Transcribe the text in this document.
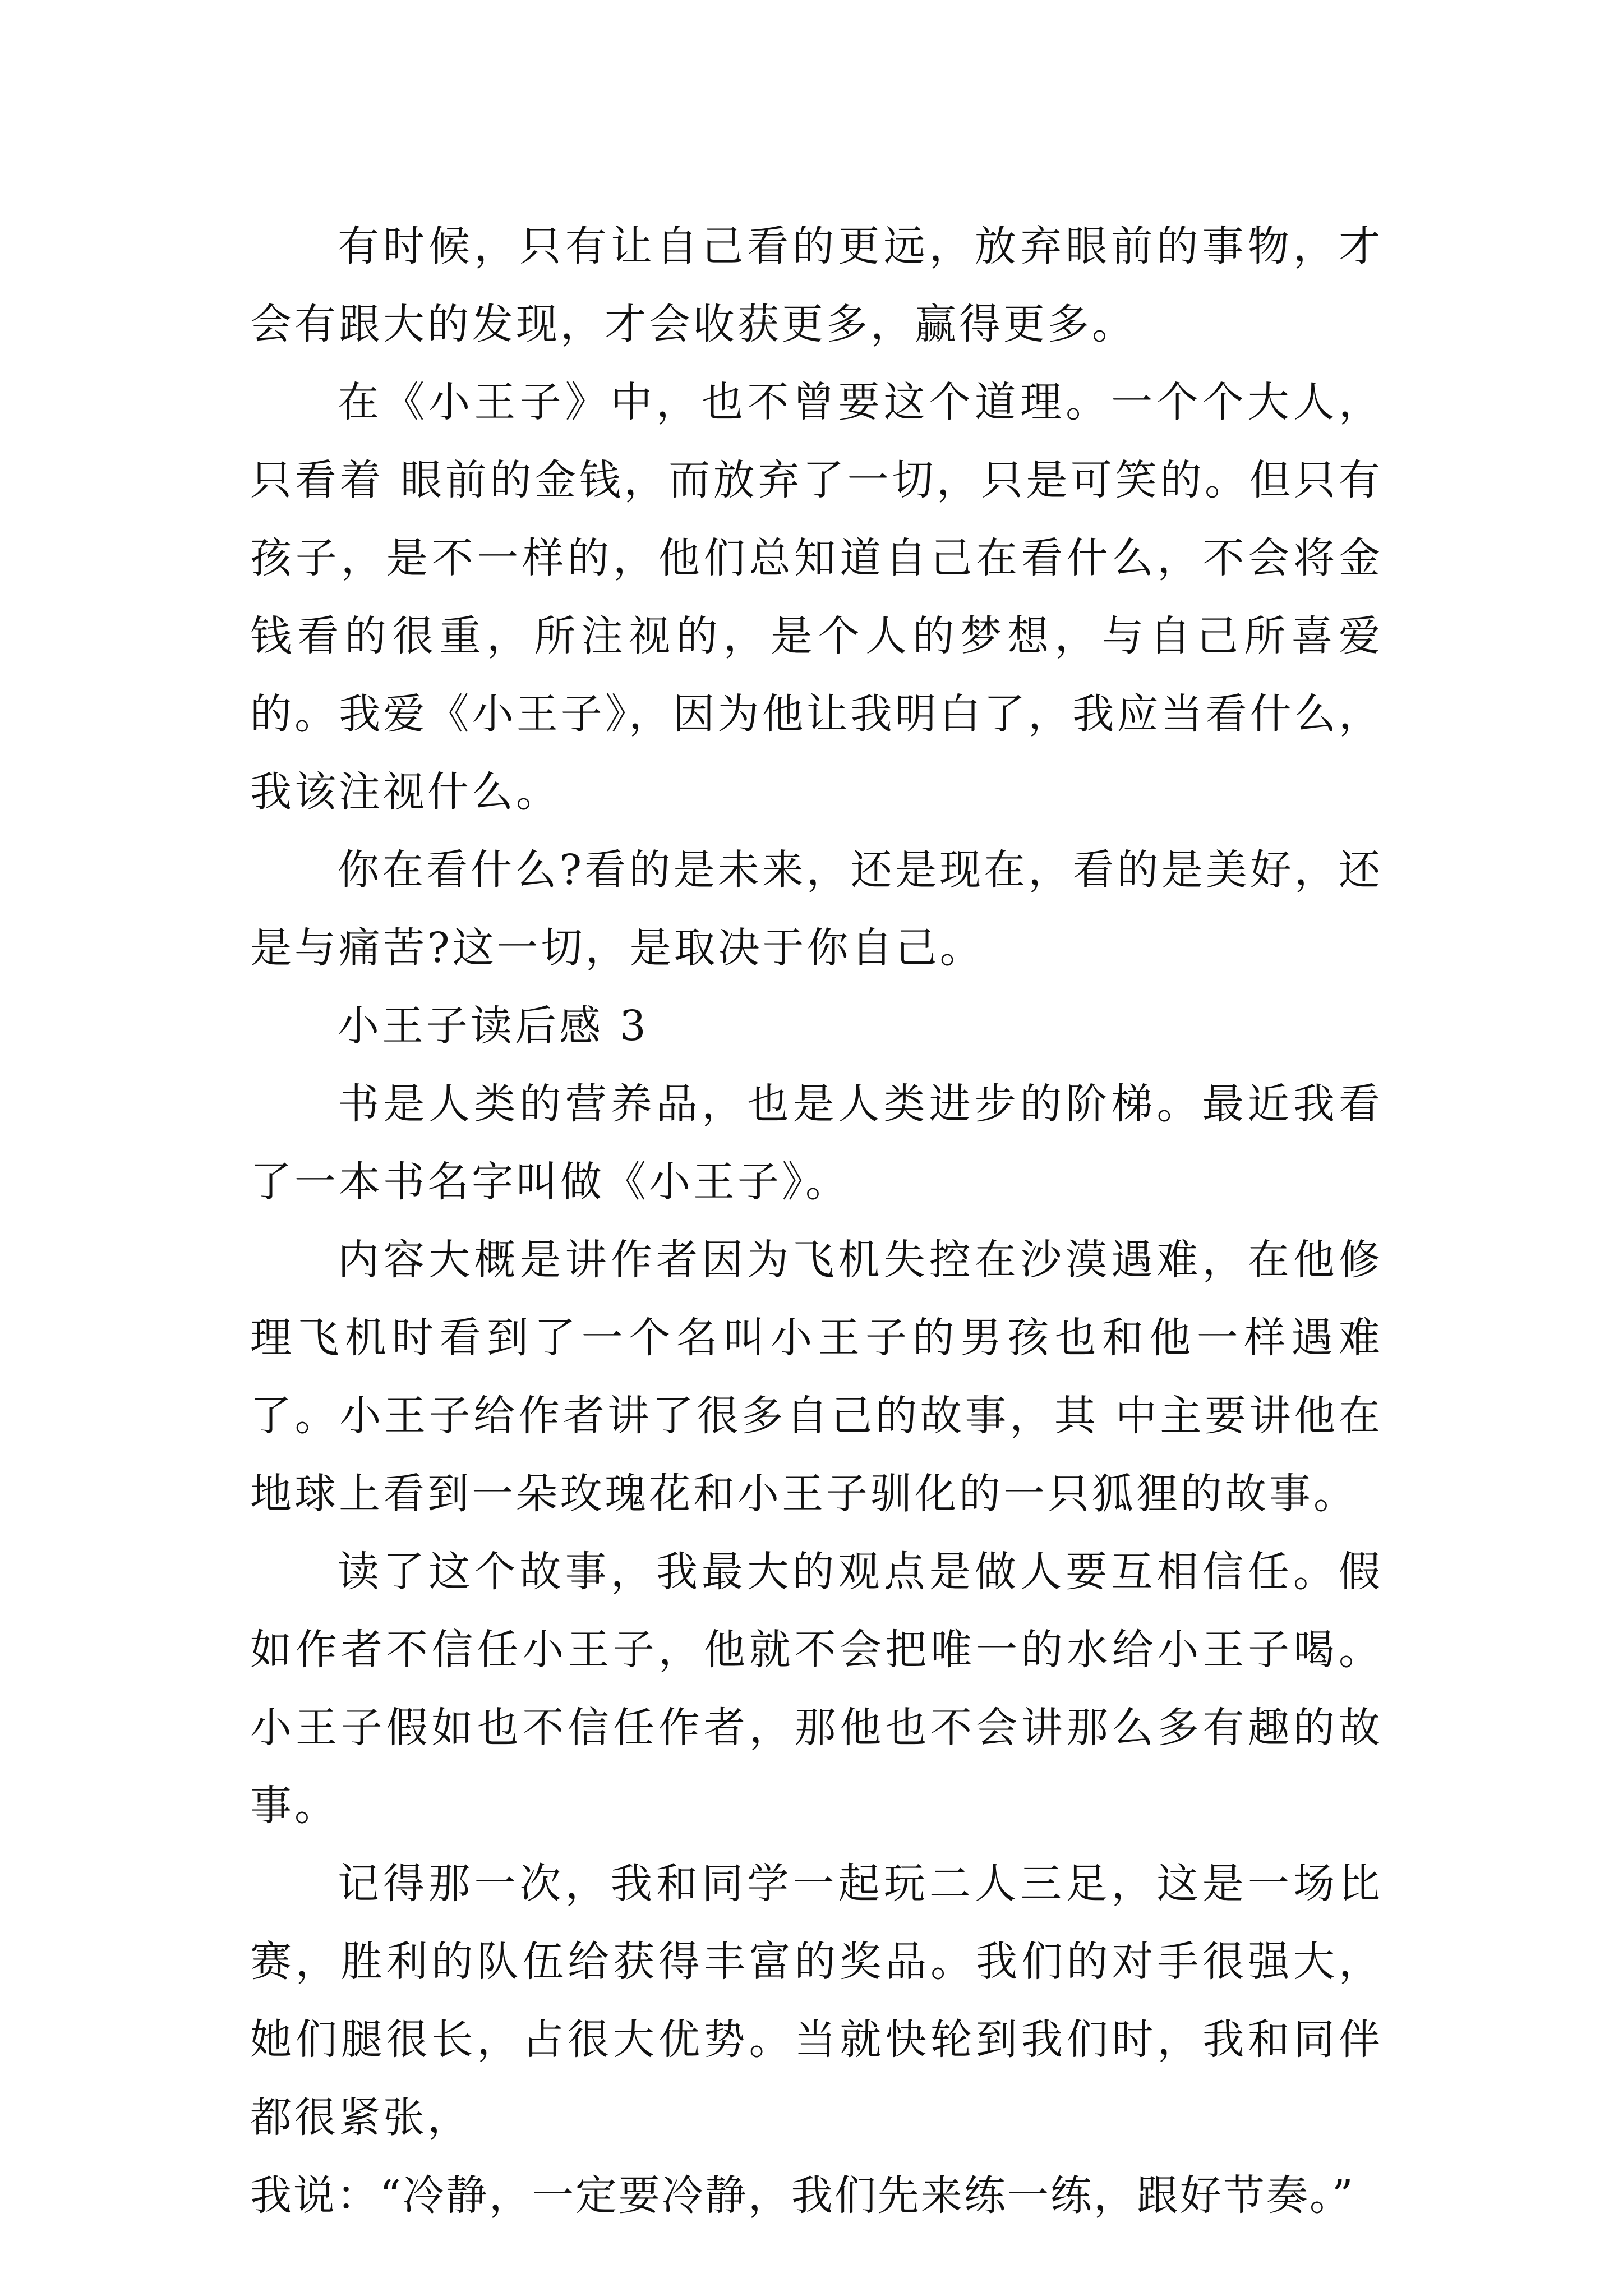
有时候，只有让自己看的更远，放弃眼前的事物，才会有跟大的发现，才会收获更多，赢得更多。

在《小王子》中，也不曾要这个道理。一个个大人，只看着 眼前的金钱，而放弃了一切，只是可笑的。但只有孩子，是不一样的，他们总知道自己在看什么，不会将金钱看的很重，所注视的，是个人的梦想，与自己所喜爱的。我爱《小王子》，因为他让我明白了，我应当看什么，我该注视什么。

你在看什么?看的是未来，还是现在，看的是美好，还是与痛苦?这一切，是取决于你自己。

小王子读后感 3

书是人类的营养品，也是人类进步的阶梯。最近我看了一本书名字叫做《小王子》。

内容大概是讲作者因为飞机失控在沙漠遇难，在他修理飞机时看到了一个名叫小王子的男孩也和他一样遇难了。小王子给作者讲了很多自己的故事，其 中主要讲他在地球上看到一朵玫瑰花和小王子驯化的一只狐狸的故事。

读了这个故事，我最大的观点是做人要互相信任。假如作者不信任小王子，他就不会把唯一的水给小王子喝。小王子假如也不信任作者，那他也不会讲那么多有趣的故事。

记得那一次，我和同学一起玩二人三足，这是一场比赛，胜利的队伍给获得丰富的奖品。我们的对手很强大，她们腿很长，占很大优势。当就快轮到我们时，我和同伴都很紧张，

我说：“冷静，一定要冷静，我们先来练一练，跟好节奏。”
